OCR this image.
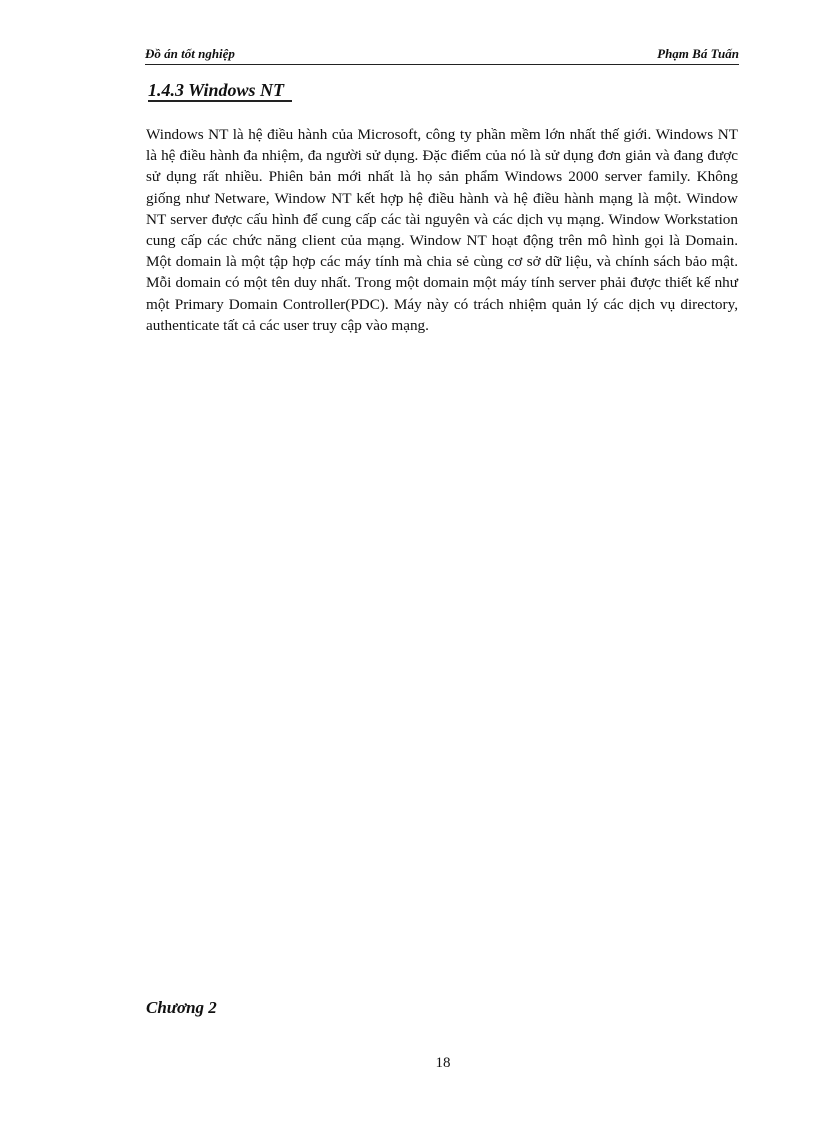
Đồ án tốt nghiệp	Phạm Bá Tuấn
1.4.3 Windows NT

Windows NT là hệ điều hành của Microsoft, công ty phần mềm lớn nhất thế giới. Windows NT là hệ điều hành đa nhiệm, đa người sử dụng. Đặc điểm của nó là sử dụng đơn giản và đang được sử dụng rất nhiều. Phiên bản mới nhất là họ sản phẩm Windows 2000 server family. Không giống như Netware, Window NT kết hợp hệ điều hành và hệ điều hành mạng là một. Window NT server được cấu hình để cung cấp các tài nguyên và các dịch vụ mạng. Window Workstation cung cấp các chức năng client của mạng. Window NT hoạt động trên mô hình gọi là Domain. Một domain là một tập hợp các máy tính mà chia sẻ cùng cơ sở dữ liệu, và chính sách bảo mật. Mỗi domain có một tên duy nhất. Trong một domain một máy tính server phải được thiết kế như một Primary Domain Controller(PDC). Máy này có trách nhiệm quản lý các dịch vụ directory, authenticate tất cả các user truy cập vào mạng.

Chương 2
18
